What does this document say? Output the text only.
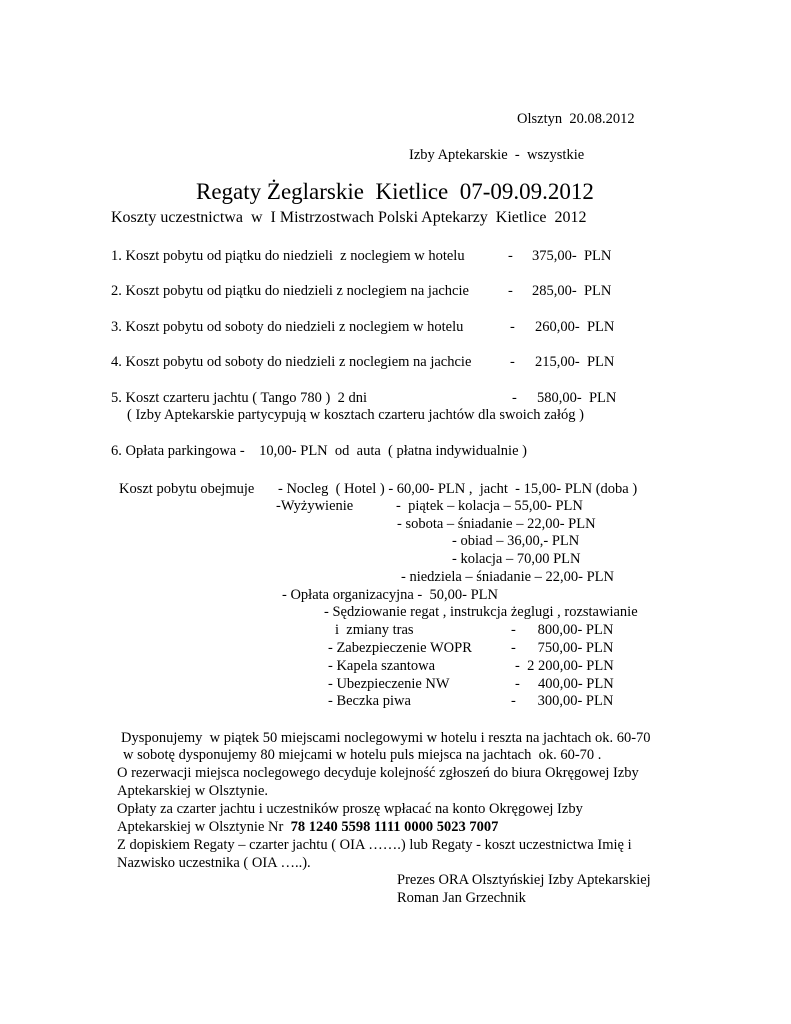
Olsztyn  20.08.2012
Izby Aptekarskie  -  wszystkie
Regaty Żeglarskie  Kietlice  07-09.09.2012
Koszty uczestnictwa  w  I Mistrzostwach Polski Aptekarzy  Kietlice  2012
1. Koszt pobytu od piątku do niedzieli  z noclegiem w hotelu	- 375,00-  PLN
2. Koszt pobytu od piątku do niedzieli z noclegiem na jachcie	- 285,00-  PLN
3. Koszt pobytu od soboty do niedzieli z noclegiem w hotelu	- 260,00-  PLN
4. Koszt pobytu od soboty do niedzieli z noclegiem na jachcie	- 215,00-  PLN
5. Koszt czarteru jachtu ( Tango 780 )  2 dni	- 580,00-  PLN
( Izby Aptekarskie partycypują w kosztach czarteru jachtów dla swoich załóg )
6. Opłata parkingowa -    10,00- PLN  od  auta  ( płatna indywidualnie )
Koszt pobytu obejmuje - Nocleg  ( Hotel ) - 60,00- PLN ,  jacht  - 15,00- PLN (doba )
-Wyżywienie	-  piątek – kolacja – 55,00- PLN
- sobota – śniadanie – 22,00- PLN
- obiad – 36,00,- PLN
- kolacja – 70,00 PLN
- niedziela – śniadanie – 22,00- PLN
- Opłata organizacyjna -  50,00- PLN
- Sędziowanie regat , instrukcja żeglugi , rozstawianie
i  zmiany tras	-      800,00- PLN
- Zabezpieczenie WOPR	-      750,00- PLN
- Kapela szantowa	-  2 200,00- PLN
- Ubezpieczenie NW	-     400,00- PLN
- Beczka piwa	-      300,00- PLN
Dysponujemy  w piątek 50 miejscami noclegowymi w hotelu i reszta na jachtach ok. 60-70
w sobotę dysponujemy 80 miejcami w hotelu puls miejsca na jachtach  ok. 60-70 .
O rezerwacji miejsca noclegowego decyduje kolejność zgłoszeń do biura Okręgowej Izby
Aptekarskiej w Olsztynie.
Opłaty za czarter jachtu i uczestników proszę wpłacać na konto Okręgowej Izby
Aptekarskiej w Olsztynie Nr 78 1240 5598 1111 0000 5023 7007
Z dopiskiem Regaty – czarter jachtu ( OIA …….) lub Regaty - koszt uczestnictwa Imię i
Nazwisko uczestnika ( OIA …..).
Prezes ORA Olsztyńskiej Izby Aptekarskiej
Roman Jan Grzechnik
